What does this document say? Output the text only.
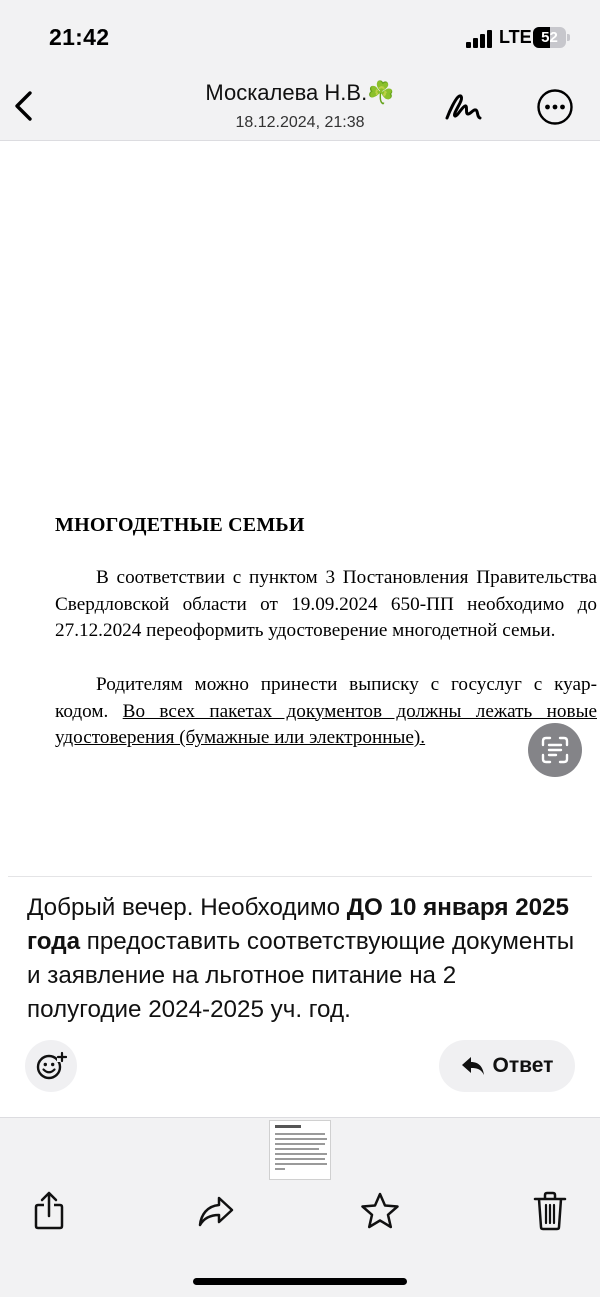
21:42	LTE 52
Москалева Н.В.☘️
18.12.2024, 21:38
МНОГОДЕТНЫЕ СЕМЬИ
В соответствии с пунктом 3 Постановления Правительства Свердловской области от 19.09.2024 650-ПП необходимо до 27.12.2024 переоформить удостоверение многодетной семьи.
Родителям можно принести выписку с госуслуг с куар-кодом. Во всех пакетах документов должны лежать новые удостоверения (бумажные или электронные).
Добрый вечер. Необходимо ДО 10 января 2025 года предоставить соответствующие документы и заявление на льготное питание на 2 полугодие 2024-2025 уч. год.
Ответ
